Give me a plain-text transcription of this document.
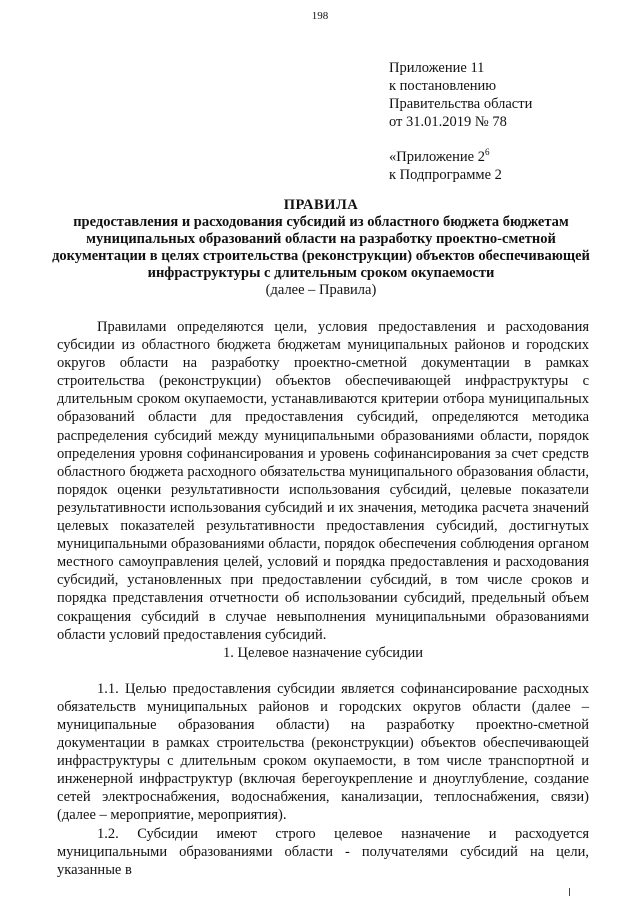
198
Приложение 11
к постановлению
Правительства области
от 31.01.2019 № 78
«Приложение $2^6$
к Подпрограмме 2
ПРАВИЛА
предоставления и расходования субсидий из областного бюджета бюджетам муниципальных образований области на разработку проектно-сметной документации в целях строительства (реконструкции) объектов обеспечивающей инфраструктуры с длительным сроком окупаемости
(далее – Правила)

Правилами определяются цели, условия предоставления и расходования субсидии из областного бюджета бюджетам муниципальных районов и городских округов области на разработку проектно-сметной документации в рамках строительства (реконструкции) объектов обеспечивающей инфраструктуры с длительным сроком окупаемости, устанавливаются критерии отбора муниципальных образований области для предоставления субсидий, определяются методика распределения субсидий между муниципальными образованиями области, порядок определения уровня софинансирования и уровень софинансирования за счет средств областного бюджета расходного обязательства муниципального образования области, порядок оценки результативности использования субсидий, целевые показатели результативности использования субсидий и их значения, методика расчета значений целевых показателей результативности предоставления субсидий, достигнутых муниципальными образованиями области, порядок обеспечения соблюдения органом местного самоуправления целей, условий и порядка предоставления и расходования субсидий, установленных при предоставлении субсидий, в том числе сроков и порядка представления отчетности об использовании субсидий, предельный объем сокращения субсидий в случае невыполнения муниципальными образованиями области условий предоставления субсидий.

1. Целевое назначение субсидии

1.1. Целью предоставления субсидии является софинансирование расходных обязательств муниципальных районов и городских округов области (далее – муниципальные образования области) на разработку проектно-сметной документации в рамках строительства (реконструкции) объектов обеспечивающей инфраструктуры с длительным сроком окупаемости, в том числе транспортной и инженерной инфраструктур (включая берегоукрепление и дноуглубление, создание сетей электроснабжения, водоснабжения, канализации, теплоснабжения, связи) (далее – мероприятие, мероприятия).

1.2. Субсидии имеют строго целевое назначение и расходуется муниципальными образованиями области - получателями субсидий на цели, указанные в
